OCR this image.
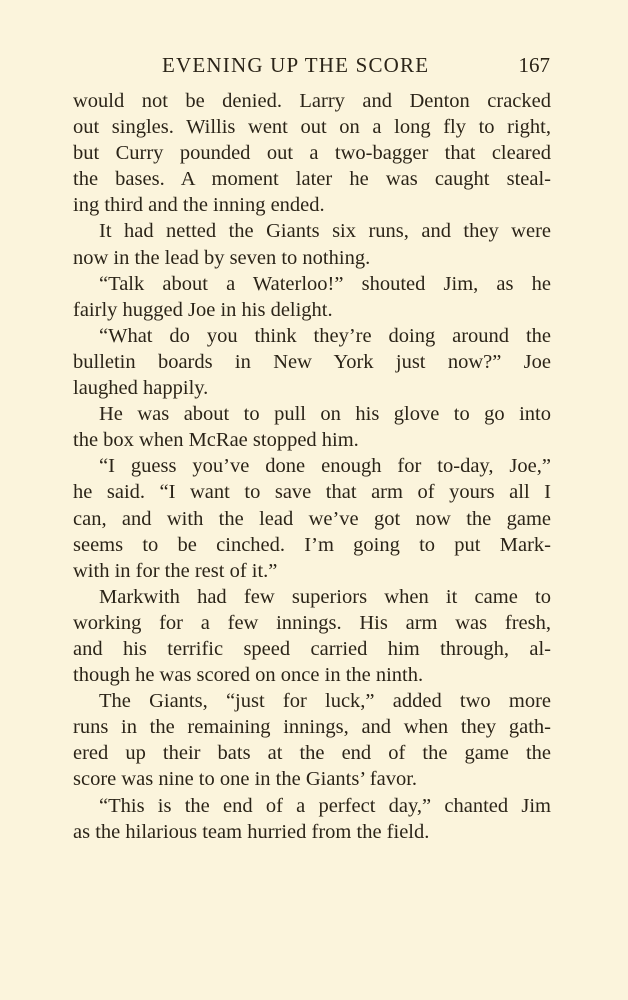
EVENING UP THE SCORE	167
would not be denied. Larry and Denton cracked
out singles. Willis went out on a long fly to right,
but Curry pounded out a two-bagger that cleared
the bases. A moment later he was caught steal-
ing third and the inning ended.
It had netted the Giants six runs, and they were
now in the lead by seven to nothing.
“Talk about a Waterloo!” shouted Jim, as he
fairly hugged Joe in his delight.
“What do you think they’re doing around the
bulletin boards in New York just now?” Joe
laughed happily.
He was about to pull on his glove to go into
the box when McRae stopped him.
“I guess you’ve done enough for to-day, Joe,”
he said. “I want to save that arm of yours all I
can, and with the lead we’ve got now the game
seems to be cinched. I’m going to put Mark-
with in for the rest of it.”
Markwith had few superiors when it came to
working for a few innings. His arm was fresh,
and his terrific speed carried him through, al-
though he was scored on once in the ninth.
The Giants, “just for luck,” added two more
runs in the remaining innings, and when they gath-
ered up their bats at the end of the game the
score was nine to one in the Giants’ favor.
“This is the end of a perfect day,” chanted Jim
as the hilarious team hurried from the field.
